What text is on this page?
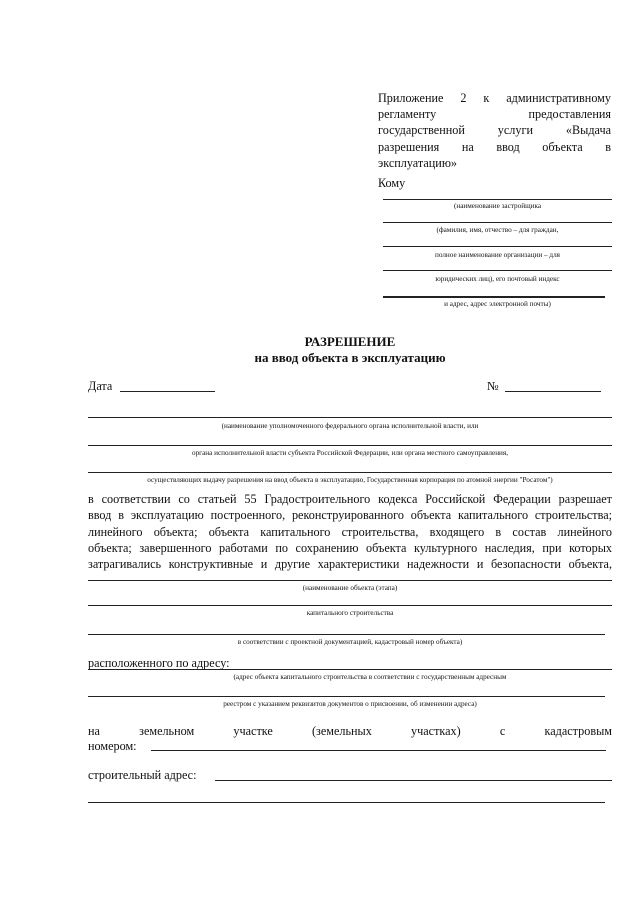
Приложение 2 к административному
регламенту предоставления
государственной услуги «Выдача
разрешения на ввод объекта в
эксплуатацию»
Кому
(наименование застройщика
(фамилия, имя, отчество – для граждан,
полное наименование организации – для
юридических лиц), его почтовый индекс
и адрес, адрес электронной почты)
РАЗРЕШЕНИЕ
на ввод объекта в эксплуатацию
Дата	№
(наименование уполномоченного федерального органа исполнительной власти, или
органа исполнительной власти субъекта Российской Федерации, или органа местного самоуправления,
осуществляющих выдачу разрешения на ввод объекта в эксплуатацию, Государственная корпорация по атомной энергии "Росатом")
в соответствии со статьей 55 Градостроительного кодекса Российской Федерации разрешает
ввод в эксплуатацию построенного, реконструированного объекта капитального строительства;
линейного объекта; объекта капитального строительства, входящего в состав линейного
объекта; завершенного работами по сохранению объекта культурного наследия, при которых
затрагивались конструктивные и другие характеристики надежности и безопасности объекта,
(наименование объекта (этапа)
капитального строительства
в соответствии с проектной документацией, кадастровый номер объекта)
расположенного по адресу:
(адрес объекта капитального строительства в соответствии с государственным адресным
реестром с указанием реквизитов документов о присвоении, об изменении адреса)
на земельном участке (земельных участках) с кадастровым
номером:
строительный адрес:
